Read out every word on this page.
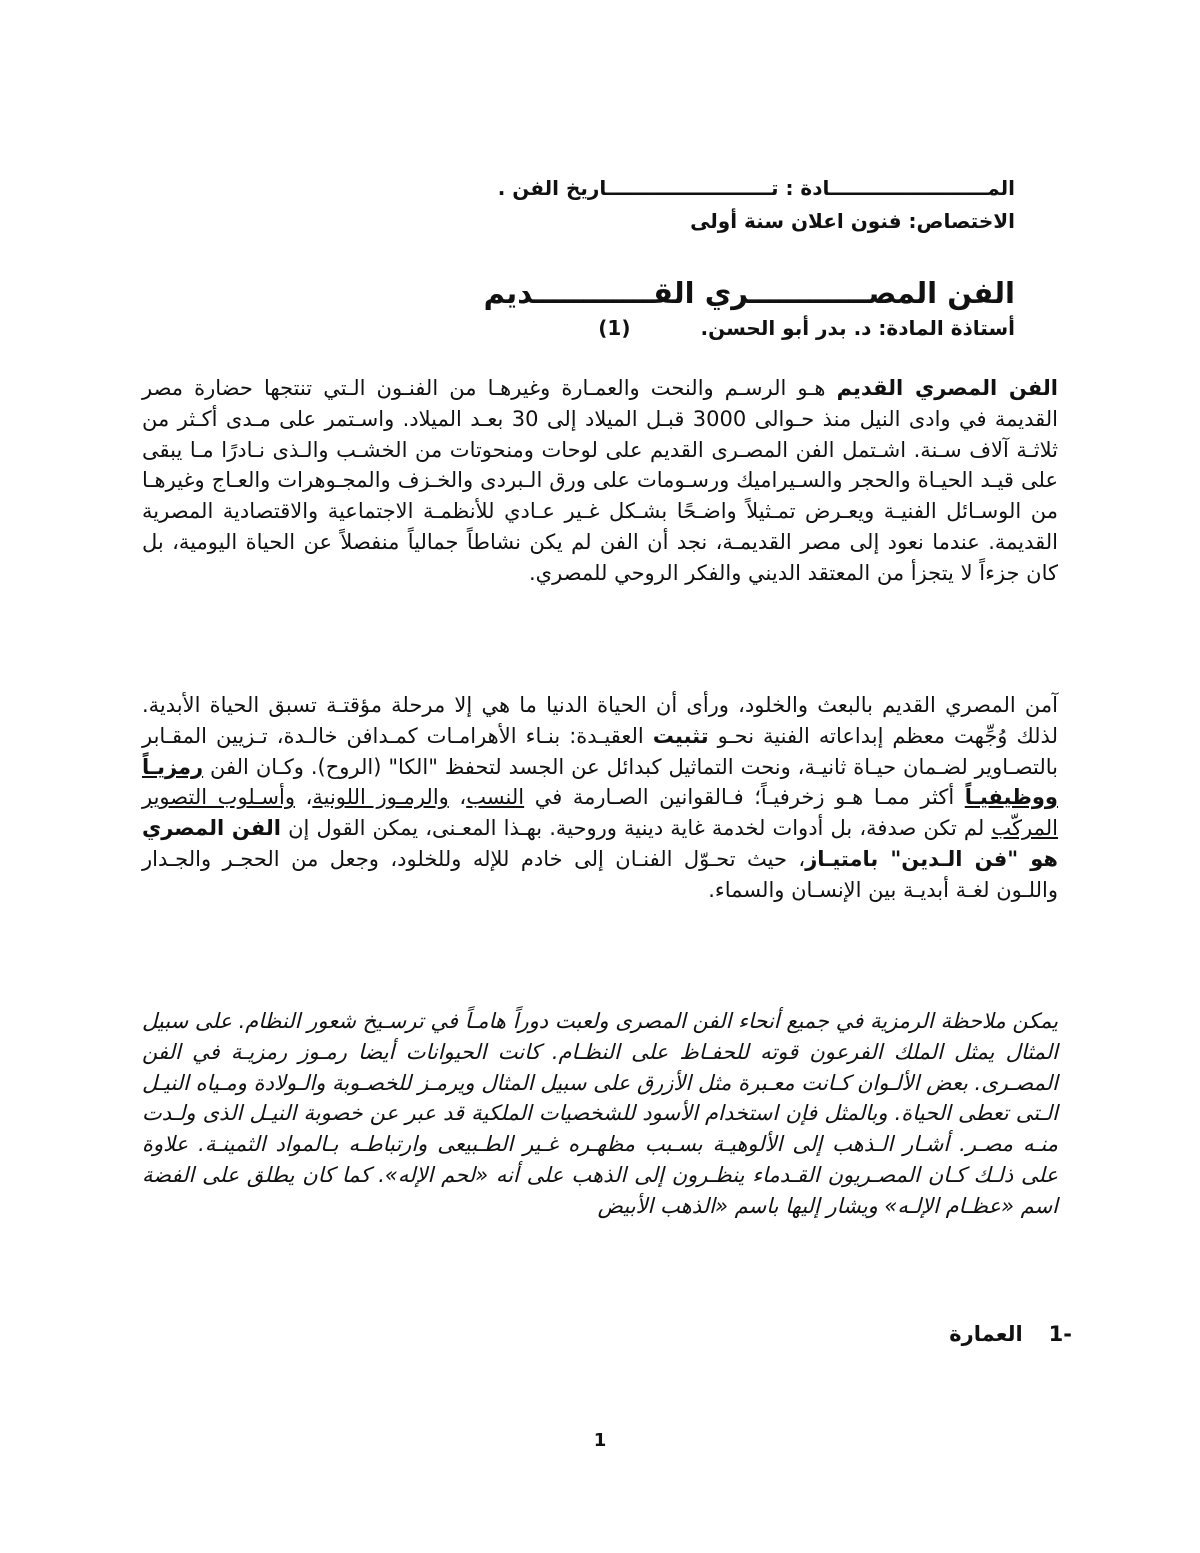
المـــــــــــــــــــــــادة : تــــــــــــــــــــــــاريخ الفن .
الاختصاص: فنون اعلان سنة أولى
الفن المصــــــــــــري القــــــــــــديم
أستاذة المادة: د. بدر أبو الحسن.(1)
الفن المصري القديم هـو الرسـم والنحت والعمـارة وغيرهـا من الفنـون الـتي تنتجها حضارة مصر القديمة في وادى النيل منذ حـوالى 3000 قبـل الميلاد إلى 30 بعـد الميلاد. واسـتمر على مـدى أكـثر من ثلاثـة آلاف سـنة. اشـتمل الفن المصـرى القديم على لوحات ومنحوتات من الخشـب والـذى نـادرًا مـا يبقى على قيـد الحيـاة والحجر والسـيراميك ورسـومات على ورق الـبردى والخـزف والمجـوهرات والعـاج وغيرهـا من الوسـائل الفنيـة ويعـرض تمـثيلاً واضـحًا بشـكل غـير عـادي للأنظمـة الاجتماعية والاقتصادية المصرية القديمة. عندما نعود إلى مصر القديمـة، نجد أن الفن لم يكن نشاطاً جمالياً منفصلاً عن الحياة اليومية، بل كان جزءاً لا يتجزأ من المعتقد الديني والفكر الروحي للمصري.
آمن المصري القديم بالبعث والخلود، ورأى أن الحياة الدنيا ما هي إلا مرحلة مؤقتـة تسبق الحياة الأبدية. لذلك وُجِّهت معظم إبداعاته الفنية نحـو تثبيت العقيـدة: بنـاء الأهرامـات كمـدافن خالـدة، تـزيين المقـابر بالتصـاوير لضـمان حيـاة ثانيـة، ونحت التماثيل كبدائل عن الجسد لتحفظ "الكا" (الروح). وكـان الفن رمزيـاً ووظيفيـاً أكثر ممـا هـو زخرفيـاً؛ فـالقوانين الصـارمة في النسب، والرمـوز اللونية، وأسـلوب التصوير المركّب لم تكن صدفة، بل أدوات لخدمة غاية دينية وروحية. بهـذا المعـنى، يمكن القول إن الفن المصري هو "فن الـدين" بامتيـاز، حيث تحـوّل الفنـان إلى خادم للإله وللخلود، وجعل من الحجـر والجـدار واللـون لغـة أبديـة بين الإنسـان والسماء.
يمكن ملاحظة الرمزية في جميع أنحاء الفن المصرى ولعبت دوراً هامـاً في ترسـيخ شعور النظام. على سبيل المثال يمثل الملك الفرعون قوته للحفـاظ على النظـام. كانت الحيوانات أيضا رمـوز رمزيـة في الفن المصـرى. بعض الألـوان كـانت معـبرة مثل الأزرق على سبيل المثال ويرمـز للخصـوبة والـولادة ومـياه النيـل الـتى تعطى الحياة. وبالمثل فإن استخدام الأسود للشخصيات الملكية قد عبر عن خصوبة النيـل الذى ولـدت منـه مصـر. أشـار الـذهب إلى الألوهيـة بسـبب مظهـره غـير الطـبيعى وارتباطـه بـالمواد الثمينـة. علاوة على ذلـك كـان المصـريون القـدماء ينظـرون إلى الذهب على أنه «لحم الإله». كما كان يطلق على الفضة اسم «عظـام الإلـه» ويشار إليها باسم «الذهب الأبيض
-1العمارة
1
